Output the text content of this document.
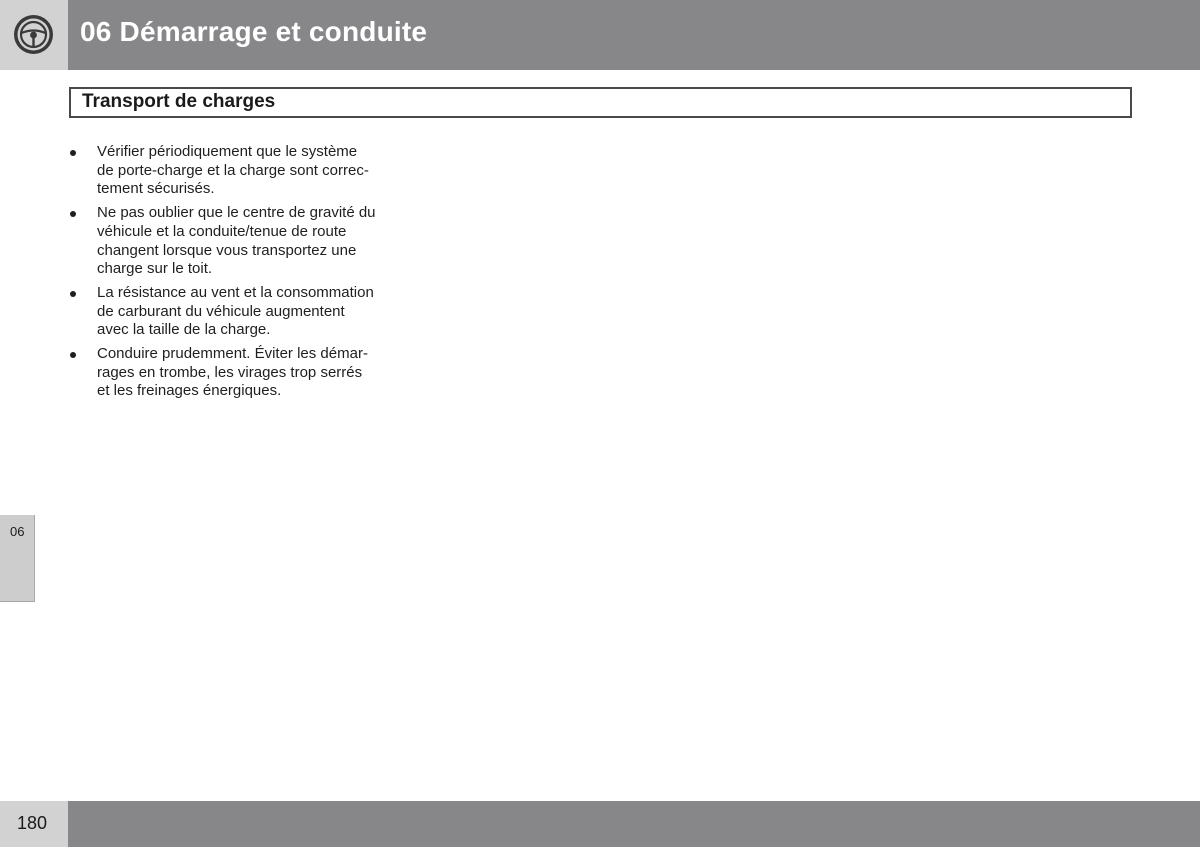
06 Démarrage et conduite
Transport de charges
Vérifier périodiquement que le système
de porte-charge et la charge sont correc-
tement sécurisés.
Ne pas oublier que le centre de gravité du
véhicule et la conduite/tenue de route
changent lorsque vous transportez une
charge sur le toit.
La résistance au vent et la consommation
de carburant du véhicule augmentent
avec la taille de la charge.
Conduire prudemment. Éviter les démar-
rages en trombe, les virages trop serrés
et les freinages énergiques.
06
180
